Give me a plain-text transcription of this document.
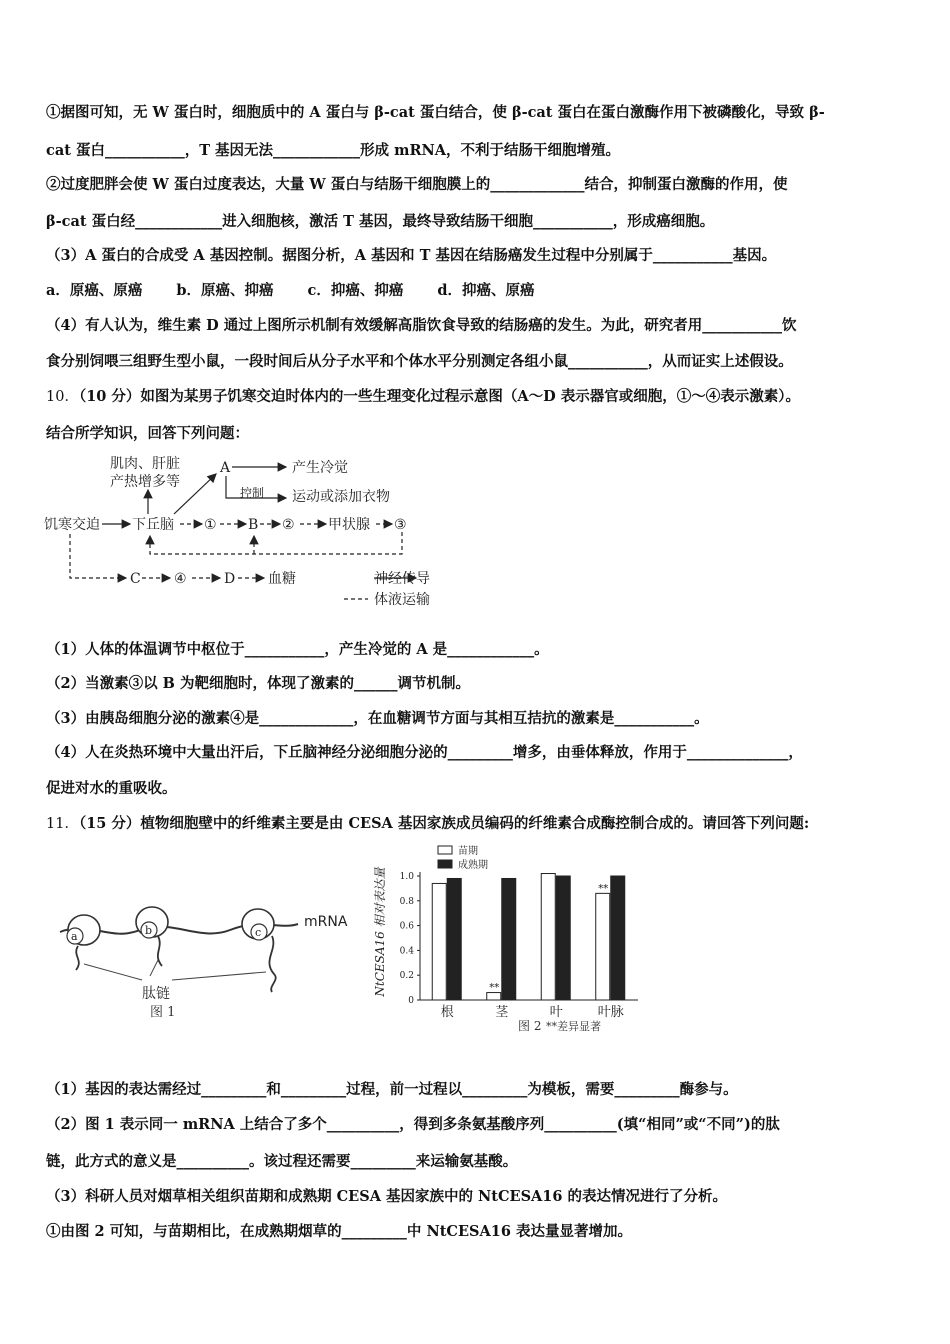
①据图可知，无 W 蛋白时，细胞质中的 A 蛋白与 β-cat 蛋白结合，使 β-cat 蛋白在蛋白激酶作用下被磷酸化，导致 β-
cat 蛋白___________，T 基因无法____________形成 mRNA，不利于结肠干细胞增殖。
②过度肥胖会使 W 蛋白过度表达，大量 W 蛋白与结肠干细胞膜上的_____________结合，抑制蛋白激酶的作用，使
β-cat 蛋白经____________进入细胞核，激活 T 基因，最终导致结肠干细胞___________，形成癌细胞。
（3）A 蛋白的合成受 A 基因控制。据图分析，A 基因和 T 基因在结肠癌发生过程中分别属于___________基因。
a．原癌、原癌 b．原癌、抑癌 c．抑癌、抑癌 d．抑癌、原癌
（4）有人认为，维生素 D 通过上图所示机制有效缓解高脂饮食导致的结肠癌的发生。为此，研究者用___________饮
食分别饲喂三组野生型小鼠，一段时间后从分子水平和个体水平分别测定各组小鼠___________，从而证实上述假设。
10．（10 分）如图为某男子饥寒交迫时体内的一些生理变化过程示意图（A～D 表示器官或细胞，①～④表示激素）。
结合所学知识，回答下列问题：
肌肉、肝脏
产热增多等
A	产生冷觉
控制 运动或添加衣物
饥寒交迫 下丘脑 ① B ② 甲状腺 ③
C ④	D 血糖	神经传导
体液运输
（1）人体的体温调节中枢位于___________，产生冷觉的 A 是____________。
（2）当激素③以 B 为靶细胞时，体现了激素的______调节机制。
（3）由胰岛细胞分泌的激素④是_____________，在血糖调节方面与其相互拮抗的激素是___________。
（4）人在炎热环境中大量出汗后，下丘脑神经分泌细胞分泌的_________增多，由垂体释放，作用于______________，
促进对水的重吸收。
11．（15 分）植物细胞壁中的纤维素主要是由 CESA 基因家族成员编码的纤维素合成酶控制合成的。请回答下列问题:
a	b	c
mRNA
肽链
图 1
NtCESA16 相对表达量
0
0.2
0.4
0.6
0.8
1.0
根	茎	叶	叶脉
**
**
苗期
成熟期
图 2 **差异显著
（1）基因的表达需经过_________和_________过程，前一过程以_________为模板，需要_________酶参与。
（2）图 1 表示同一 mRNA 上结合了多个__________，得到多条氨基酸序列__________(填“相同”或“不同”)的肽
链，此方式的意义是__________。该过程还需要_________来运输氨基酸。
（3）科研人员对烟草相关组织苗期和成熟期 CESA 基因家族中的 NtCESA16 的表达情况进行了分析。
①由图 2 可知，与苗期相比，在成熟期烟草的_________中 NtCESA16 表达量显著增加。
